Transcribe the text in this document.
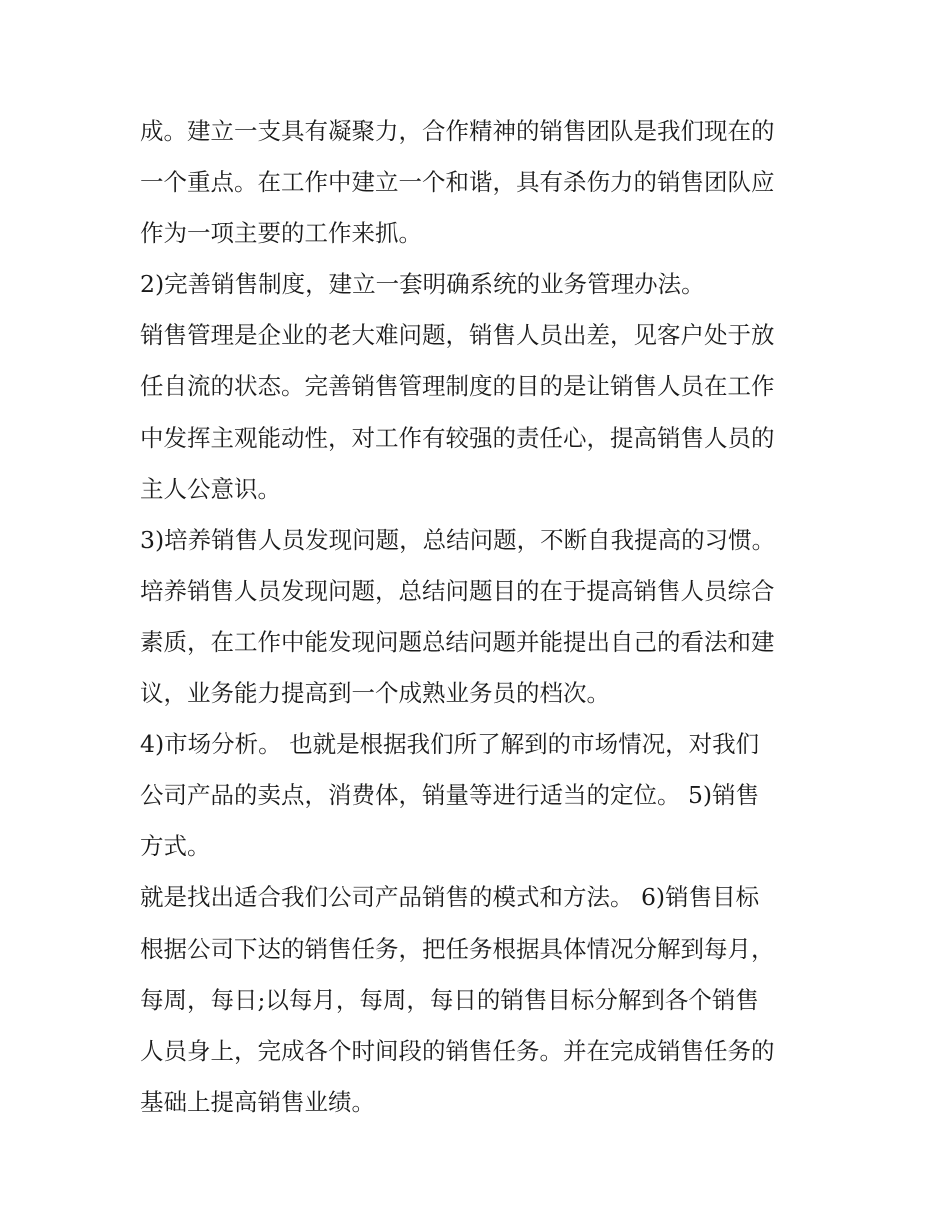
成。建立一支具有凝聚力，合作精神的销售团队是我们现在的
一个重点。在工作中建立一个和谐，具有杀伤力的销售团队应
作为一项主要的工作来抓。
2)完善销售制度，建立一套明确系统的业务管理办法。
销售管理是企业的老大难问题，销售人员出差，见客户处于放
任自流的状态。完善销售管理制度的目的是让销售人员在工作
中发挥主观能动性，对工作有较强的责任心，提高销售人员的
主人公意识。
3)培养销售人员发现问题，总结问题，不断自我提高的习惯。
培养销售人员发现问题，总结问题目的在于提高销售人员综合
素质，在工作中能发现问题总结问题并能提出自己的看法和建
议，业务能力提高到一个成熟业务员的档次。
4)市场分析。 也就是根据我们所了解到的市场情况，对我们
公司产品的卖点，消费体，销量等进行适当的定位。 5)销售
方式。
就是找出适合我们公司产品销售的模式和方法。 6)销售目标
根据公司下达的销售任务，把任务根据具体情况分解到每月，
每周，每日;以每月，每周，每日的销售目标分解到各个销售
人员身上，完成各个时间段的销售任务。并在完成销售任务的
基础上提高销售业绩。
